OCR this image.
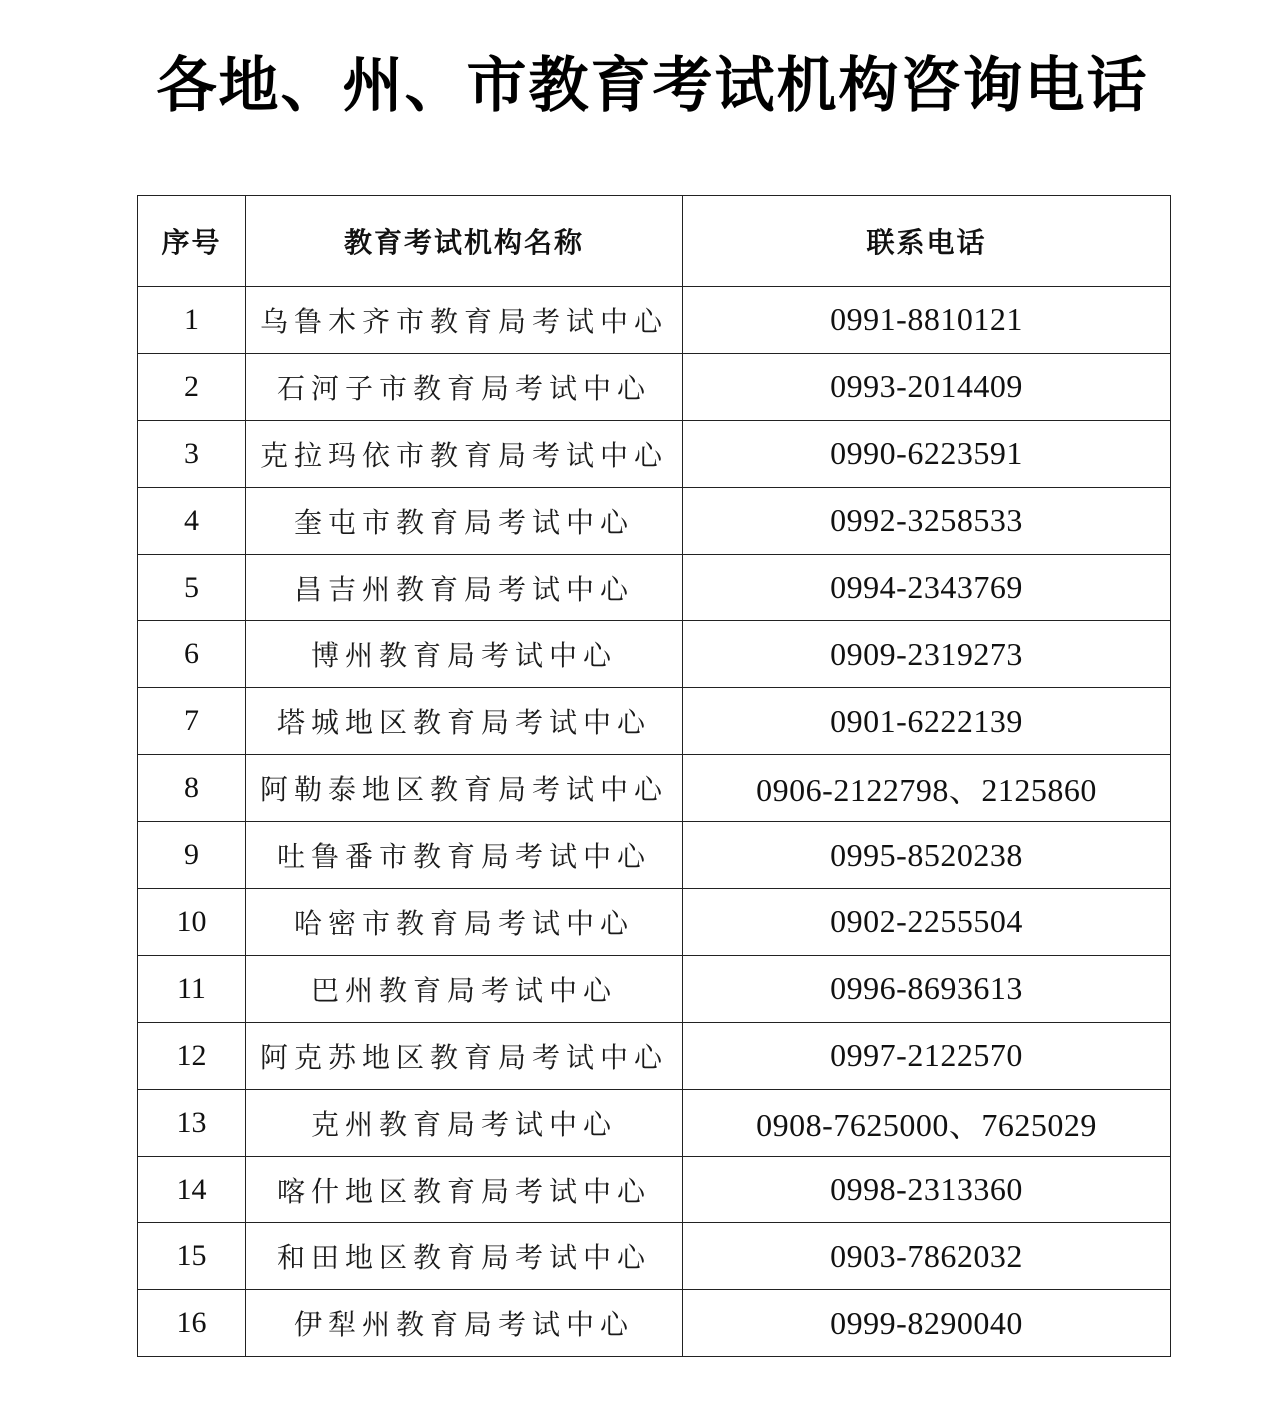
各地、州、市教育考试机构咨询电话
序号	教育考试机构名称	联系电话
1	乌鲁木齐市教育局考试中心	0991-8810121
2	石河子市教育局考试中心	0993-2014409
3	克拉玛依市教育局考试中心	0990-6223591
4	奎屯市教育局考试中心	0992-3258533
5	昌吉州教育局考试中心	0994-2343769
6	博州教育局考试中心	0909-2319273
7	塔城地区教育局考试中心	0901-6222139
8	阿勒泰地区教育局考试中心	0906-2122798、2125860
9	吐鲁番市教育局考试中心	0995-8520238
10	哈密市教育局考试中心	0902-2255504
11	巴州教育局考试中心	0996-8693613
12	阿克苏地区教育局考试中心	0997-2122570
13	克州教育局考试中心	0908-7625000、7625029
14	喀什地区教育局考试中心	0998-2313360
15	和田地区教育局考试中心	0903-7862032
16	伊犁州教育局考试中心	0999-8290040
